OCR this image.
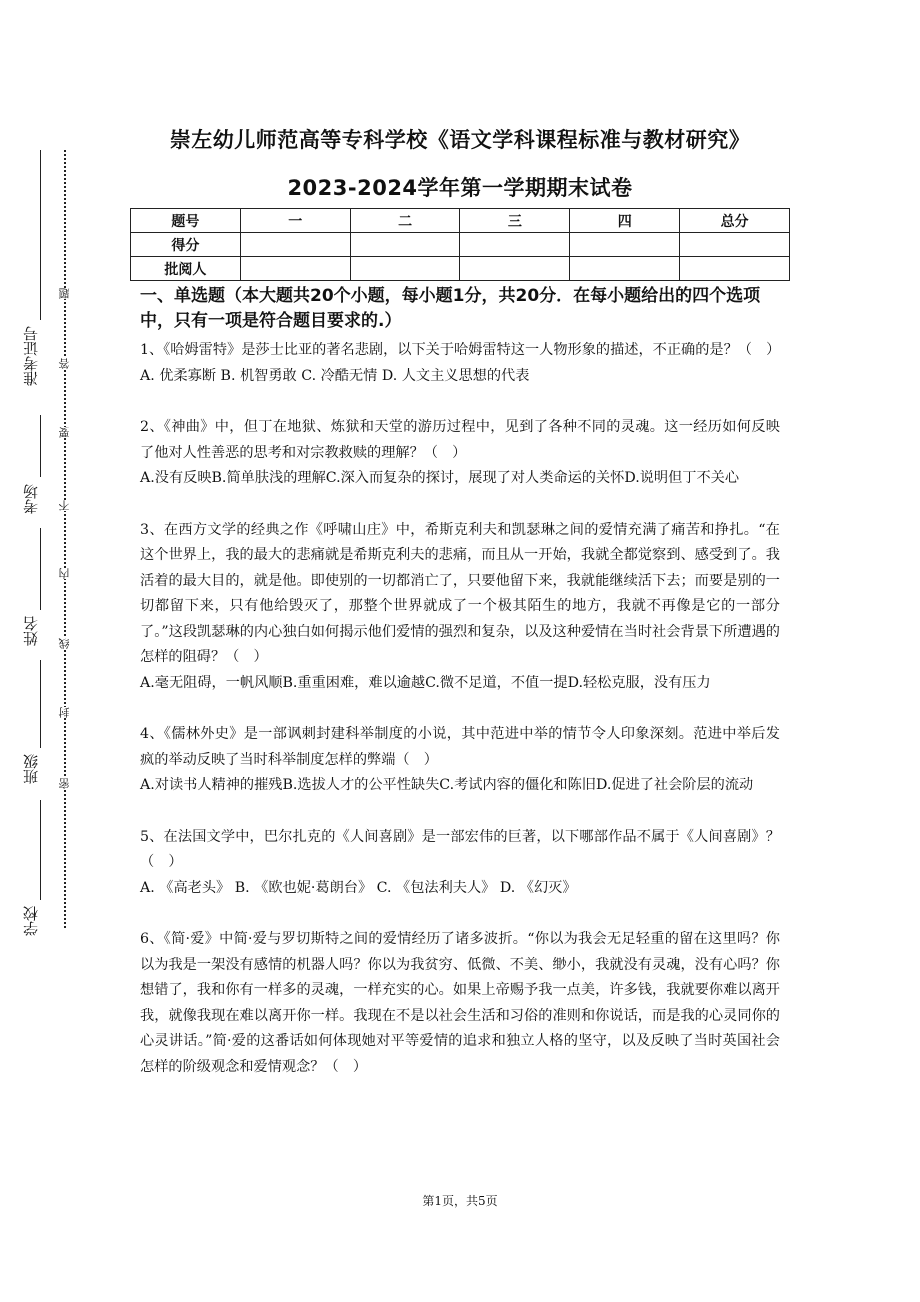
准考证号
考场
姓名
班级
学校
题
答
要
不
内
线
封
密
崇左幼儿师范高等专科学校《语文学科课程标准与教材研究》
2023-2024学年第一学期期末试卷
题号	一	二	三	四	总分
得分					
批阅人					
一、单选题（本大题共20个小题，每小题1分，共20分．在每小题给出的四个选项中，只有一项是符合题目要求的.）
1、《哈姆雷特》是莎士比亚的著名悲剧，以下关于哈姆雷特这一人物形象的描述，不正确的是？（　）
A. 优柔寡断 B. 机智勇敢 C. 冷酷无情 D. 人文主义思想的代表
2、《神曲》中，但丁在地狱、炼狱和天堂的游历过程中，见到了各种不同的灵魂。这一经历如何反映了他对人性善恶的思考和对宗教救赎的理解？（　）
A.没有反映B.简单肤浅的理解C.深入而复杂的探讨，展现了对人类命运的关怀D.说明但丁不关心
3、在西方文学的经典之作《呼啸山庄》中，希斯克利夫和凯瑟琳之间的爱情充满了痛苦和挣扎。“在这个世界上，我的最大的悲痛就是希斯克利夫的悲痛，而且从一开始，我就全都觉察到、感受到了。我活着的最大目的，就是他。即使别的一切都消亡了，只要他留下来，我就能继续活下去；而要是别的一切都留下来，只有他给毁灭了，那整个世界就成了一个极其陌生的地方，我就不再像是它的一部分了。”这段凯瑟琳的内心独白如何揭示他们爱情的强烈和复杂，以及这种爱情在当时社会背景下所遭遇的怎样的阻碍？（　）
A.毫无阻碍，一帆风顺B.重重困难，难以逾越C.微不足道，不值一提D.轻松克服，没有压力
4、《儒林外史》是一部讽刺封建科举制度的小说，其中范进中举的情节令人印象深刻。范进中举后发疯的举动反映了当时科举制度怎样的弊端（　）
A.对读书人精神的摧残B.选拔人才的公平性缺失C.考试内容的僵化和陈旧D.促进了社会阶层的流动
5、在法国文学中，巴尔扎克的《人间喜剧》是一部宏伟的巨著，以下哪部作品不属于《人间喜剧》？（　）
A. 《高老头》 B. 《欧也妮·葛朗台》 C. 《包法利夫人》 D. 《幻灭》
6、《简·爱》中简·爱与罗切斯特之间的爱情经历了诸多波折。“你以为我会无足轻重的留在这里吗？你以为我是一架没有感情的机器人吗？你以为我贫穷、低微、不美、缈小，我就没有灵魂，没有心吗？你想错了，我和你有一样多的灵魂，一样充实的心。如果上帝赐予我一点美，许多钱，我就要你难以离开我，就像我现在难以离开你一样。我现在不是以社会生活和习俗的准则和你说话，而是我的心灵同你的心灵讲话。”简·爱的这番话如何体现她对平等爱情的追求和独立人格的坚守，以及反映了当时英国社会怎样的阶级观念和爱情观念？（　）
第1页，共5页
